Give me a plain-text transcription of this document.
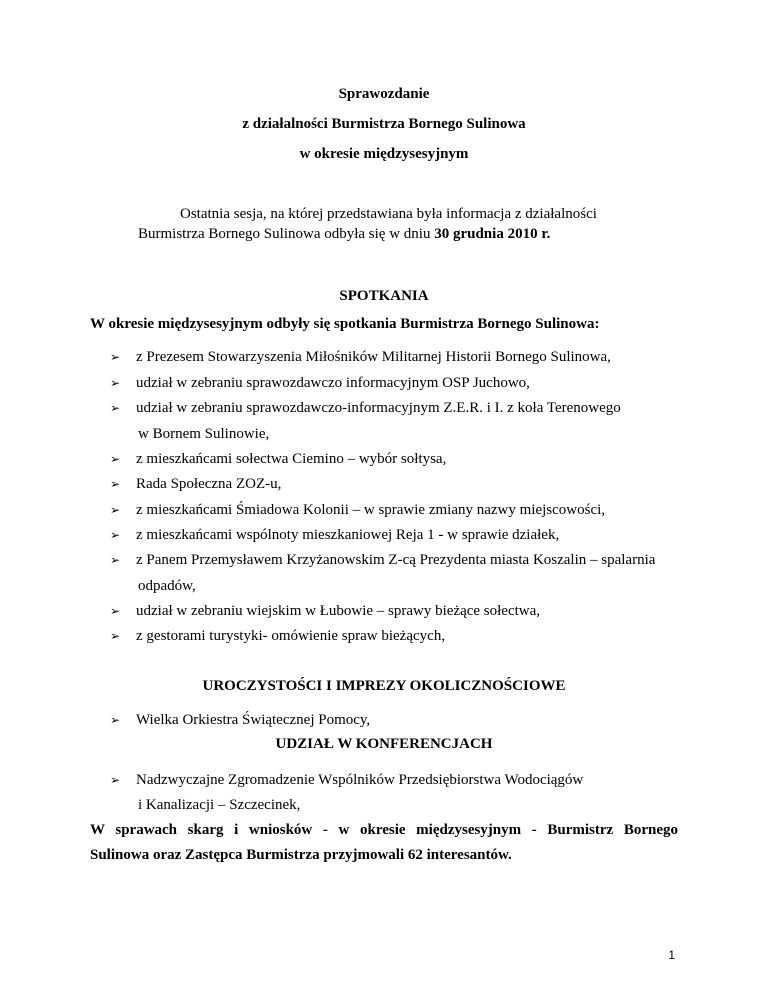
Sprawozdanie
z działalności Burmistrza Bornego Sulinowa
w okresie międzysesyjnym
Ostatnia sesja, na której przedstawiana była informacja z działalności
Burmistrza Bornego Sulinowa odbyła się w dniu 30 grudnia 2010 r.
SPOTKANIA
W okresie międzysesyjnym odbyły się spotkania Burmistrza Bornego Sulinowa:
➢ z Prezesem Stowarzyszenia Miłośników Militarnej Historii Bornego Sulinowa,
➢ udział w zebraniu sprawozdawczo informacyjnym OSP Juchowo,
➢ udział w zebraniu sprawozdawczo-informacyjnym Z.E.R. i I. z koła Terenowego
w Bornem Sulinowie,
➢ z mieszkańcami sołectwa Ciemino – wybór sołtysa,
➢ Rada Społeczna ZOZ-u,
➢ z mieszkańcami Śmiadowa Kolonii – w sprawie zmiany nazwy miejscowości,
➢ z mieszkańcami wspólnoty mieszkaniowej Reja 1 - w sprawie działek,
➢ z Panem Przemysławem Krzyżanowskim Z-cą Prezydenta miasta Koszalin – spalarnia
odpadów,
➢ udział w zebraniu wiejskim w Łubowie – sprawy bieżące sołectwa,
➢ z gestorami turystyki- omówienie spraw bieżących,
UROCZYSTOŚCI I IMPREZY OKOLICZNOŚCIOWE
➢ Wielka Orkiestra Świątecznej Pomocy,
UDZIAŁ W KONFERENCJACH
➢ Nadzwyczajne Zgromadzenie Wspólników Przedsiębiorstwa Wodociągów
i Kanalizacji – Szczecinek,
W sprawach skarg i wniosków - w okresie międzysesyjnym - Burmistrz Bornego
Sulinowa oraz Zastępca Burmistrza przyjmowali 62 interesantów.
1
